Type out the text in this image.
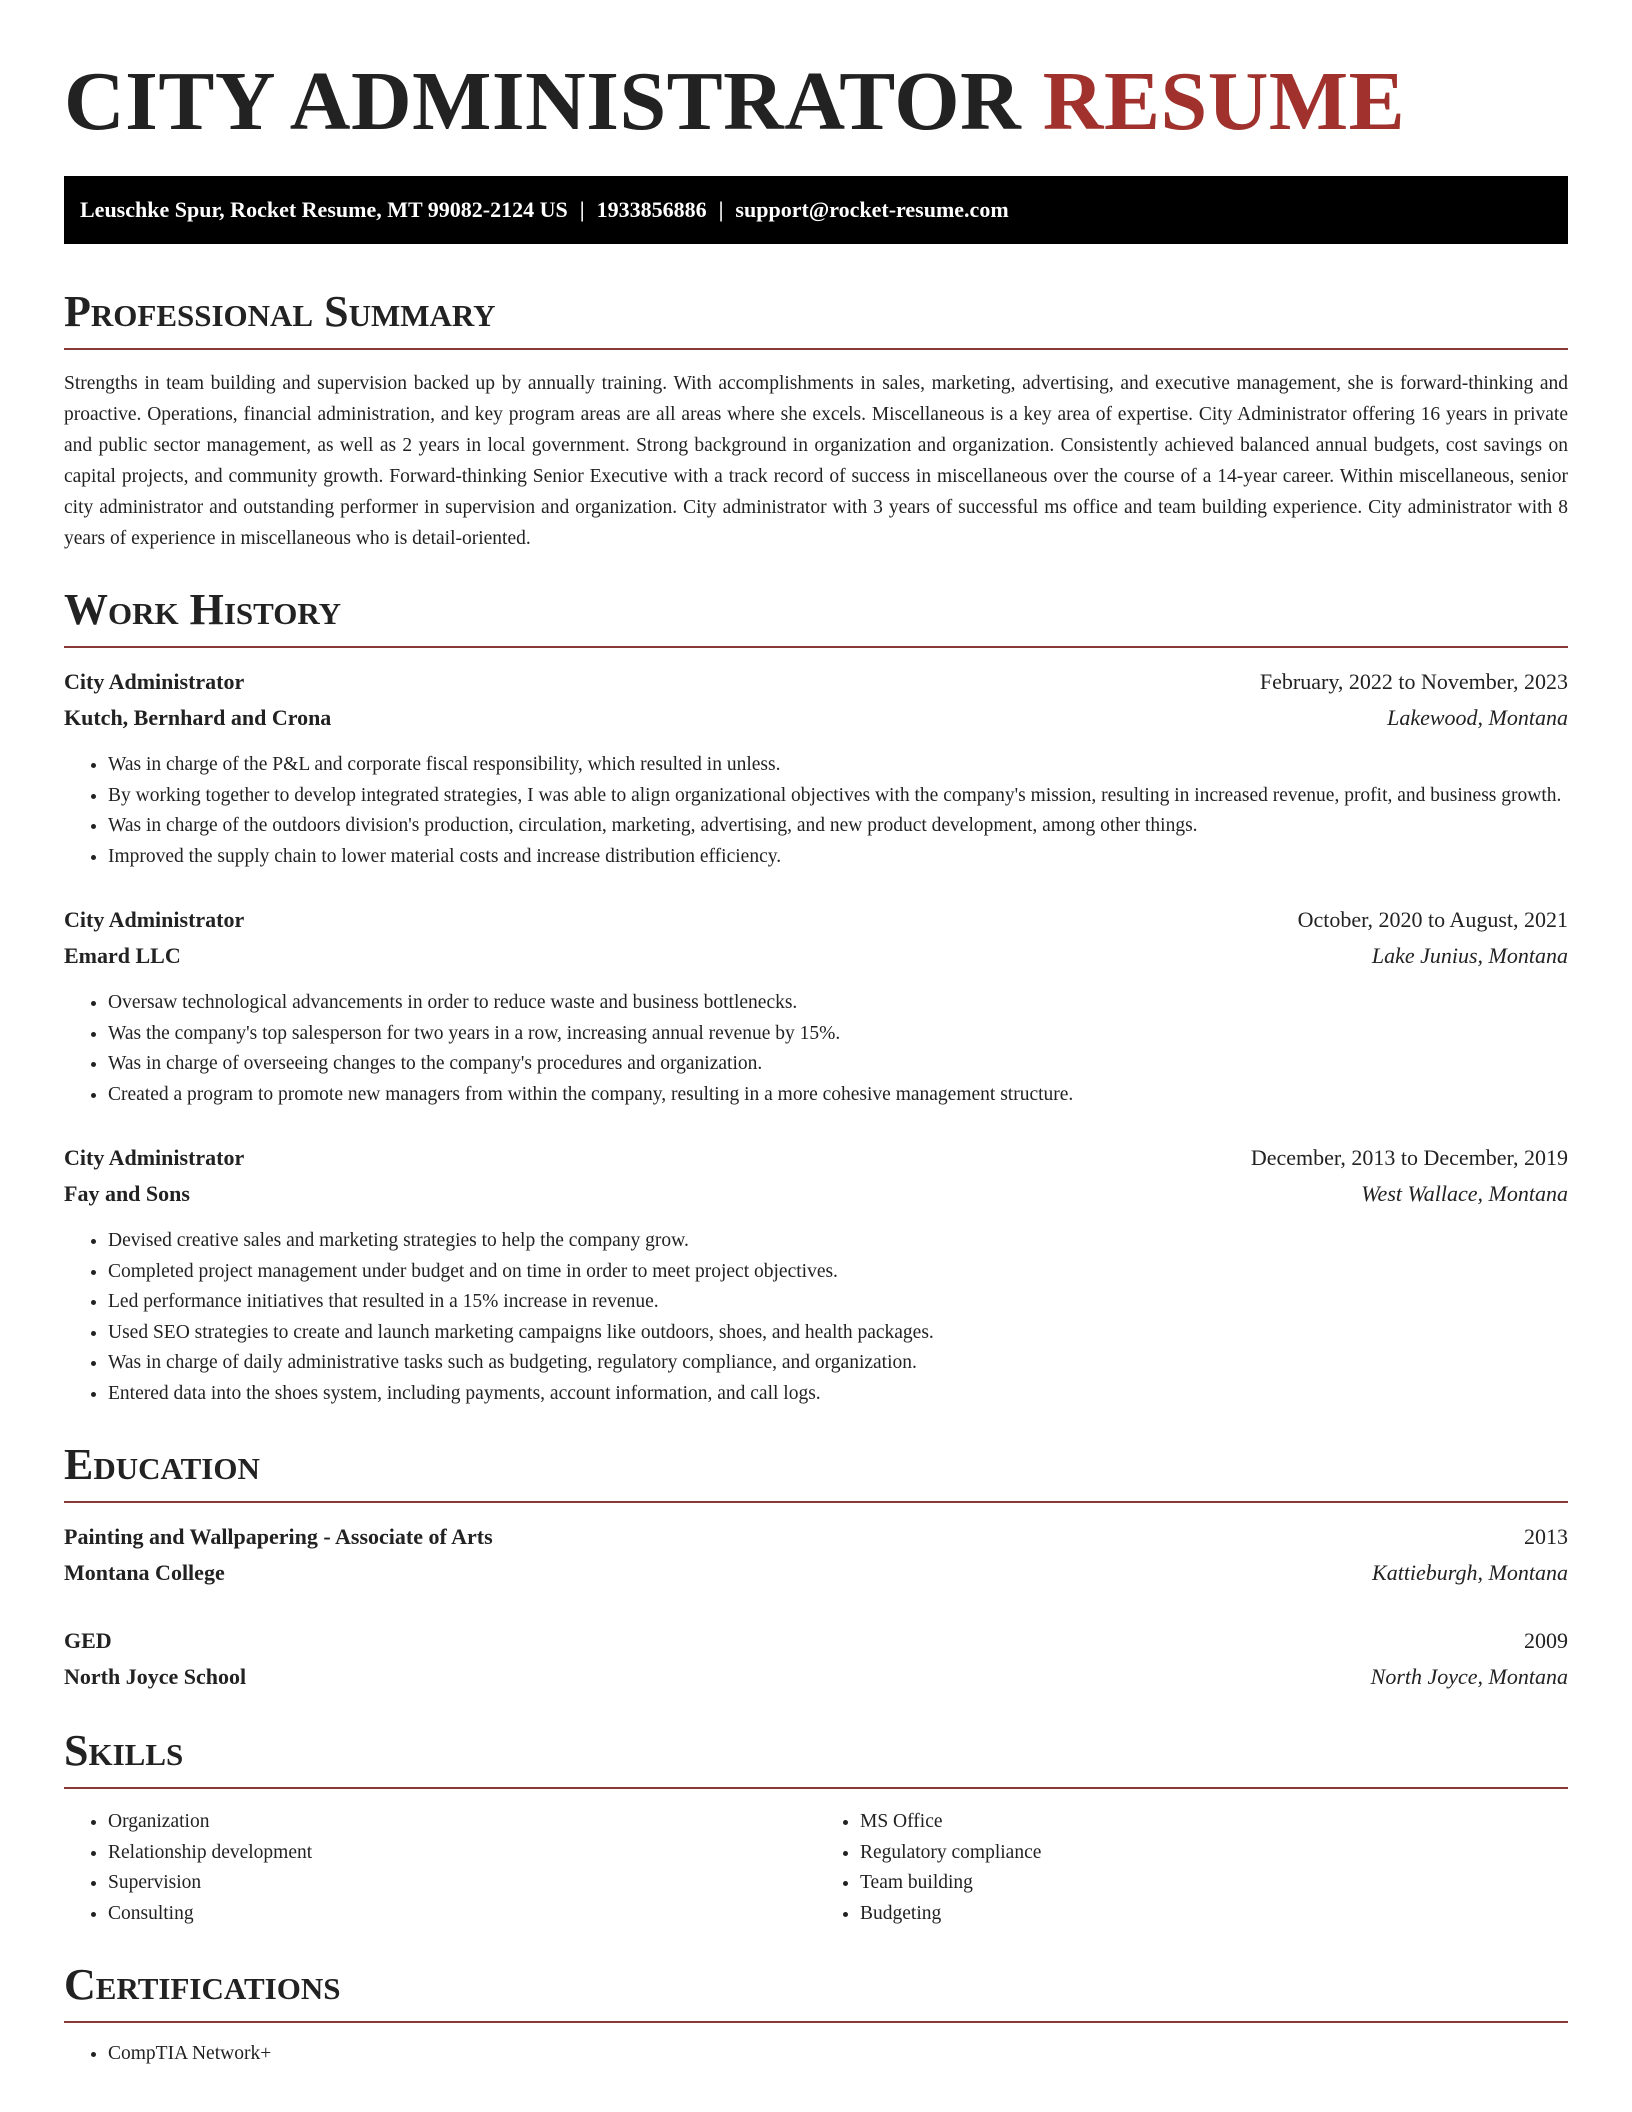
CITY ADMINISTRATOR RESUME
Leuschke Spur, Rocket Resume, MT 99082-2124 US | 1933856886 | support@rocket-resume.com
Professional Summary

Strengths in team building and supervision backed up by annually training. With accomplishments in sales, marketing, advertising, and executive management, she is forward-thinking and proactive. Operations, financial administration, and key program areas are all areas where she excels. Miscellaneous is a key area of expertise. City Administrator offering 16 years in private and public sector management, as well as 2 years in local government. Strong background in organization and organization. Consistently achieved balanced annual budgets, cost savings on capital projects, and community growth. Forward-thinking Senior Executive with a track record of success in miscellaneous over the course of a 14-year career. Within miscellaneous, senior city administrator and outstanding performer in supervision and organization. City administrator with 3 years of successful ms office and team building experience. City administrator with 8 years of experience in miscellaneous who is detail-oriented.

Work History
City Administrator	February, 2022 to November, 2023
Kutch, Bernhard and Crona	Lakewood, Montana
• Was in charge of the P&L and corporate fiscal responsibility, which resulted in unless.
• By working together to develop integrated strategies, I was able to align organizational objectives with the company's mission, resulting in increased revenue, profit, and business growth.
• Was in charge of the outdoors division's production, circulation, marketing, advertising, and new product development, among other things.
• Improved the supply chain to lower material costs and increase distribution efficiency.
City Administrator	October, 2020 to August, 2021
Emard LLC	Lake Junius, Montana
• Oversaw technological advancements in order to reduce waste and business bottlenecks.
• Was the company's top salesperson for two years in a row, increasing annual revenue by 15%.
• Was in charge of overseeing changes to the company's procedures and organization.
• Created a program to promote new managers from within the company, resulting in a more cohesive management structure.
City Administrator	December, 2013 to December, 2019
Fay and Sons	West Wallace, Montana
• Devised creative sales and marketing strategies to help the company grow.
• Completed project management under budget and on time in order to meet project objectives.
• Led performance initiatives that resulted in a 15% increase in revenue.
• Used SEO strategies to create and launch marketing campaigns like outdoors, shoes, and health packages.
• Was in charge of daily administrative tasks such as budgeting, regulatory compliance, and organization.
• Entered data into the shoes system, including payments, account information, and call logs.
Education
Painting and Wallpapering - Associate of Arts	2013
Montana College	Kattieburgh, Montana
GED	2009
North Joyce School	North Joyce, Montana
Skills
• Organization
• Relationship development
• Supervision
• Consulting
• MS Office
• Regulatory compliance
• Team building
• Budgeting
Certifications
• CompTIA Network+
